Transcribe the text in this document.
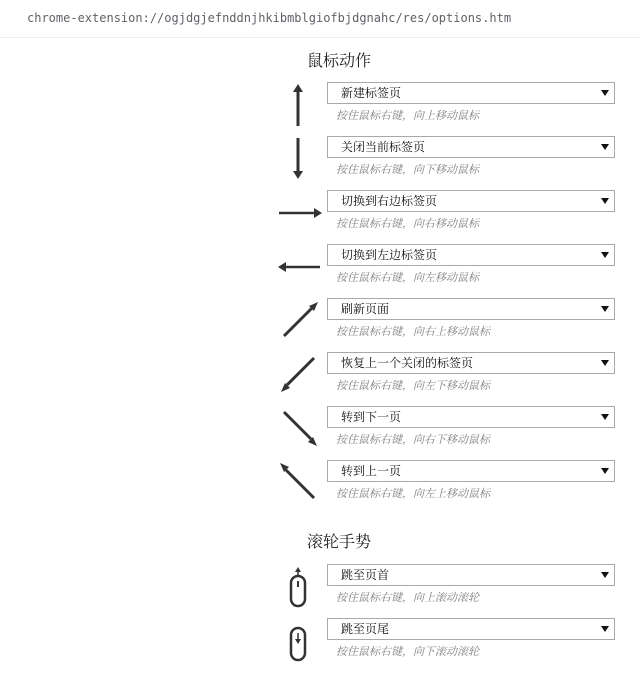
chrome-extension://ogjdgjefnddnjhkibmblgiofbjdgnahc/res/options.htm
鼠标动作
新建标签页
按住鼠标右键，向上移动鼠标
关闭当前标签页
按住鼠标右键，向下移动鼠标
切换到右边标签页
按住鼠标右键，向右移动鼠标
切换到左边标签页
按住鼠标右键，向左移动鼠标
刷新页面
按住鼠标右键，向右上移动鼠标
恢复上一个关闭的标签页
按住鼠标右键，向左下移动鼠标
转到下一页
按住鼠标右键，向右下移动鼠标
转到上一页
按住鼠标右键，向左上移动鼠标
滚轮手势
跳至页首
按住鼠标右键，向上滚动滚轮
跳至页尾
按住鼠标右键，向下滚动滚轮
